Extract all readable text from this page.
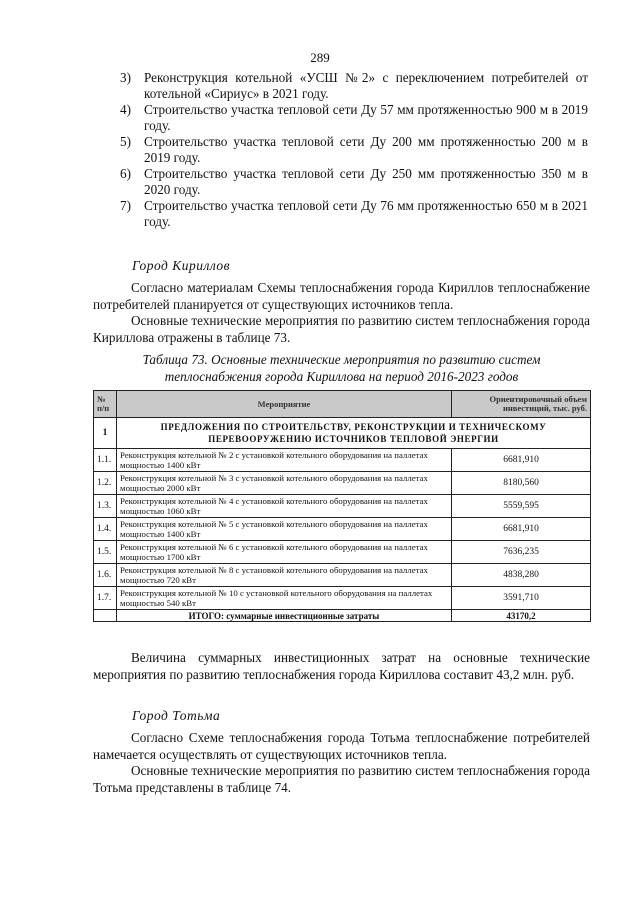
289
3) Реконструкция котельной «УСШ №2» с переключением потребителей от котельной «Сириус» в 2021 году.
4) Строительство участка тепловой сети Ду 57 мм протяженностью 900 м в 2019 году.
5) Строительство участка тепловой сети Ду 200 мм протяженностью 200 м в 2019 году.
6) Строительство участка тепловой сети Ду 250 мм протяженностью 350 м в 2020 году.
7) Строительство участка тепловой сети Ду 76 мм протяженностью 650 м в 2021 году.
Город Кириллов
Согласно материалам Схемы теплоснабжения города Кириллов теплоснабжение потребителей планируется от существующих источников тепла.
Основные технические мероприятия по развитию систем теплоснабжения города Кириллова отражены в таблице 73.
Таблица 73. Основные технические мероприятия по развитию систем теплоснабжения города Кириллова на период 2016-2023 годов
№ п/п	Мероприятие	Ориентировочный объем инвестиций, тыс. руб.
1	ПРЕДЛОЖЕНИЯ ПО СТРОИТЕЛЬСТВУ, РЕКОНСТРУКЦИИ И ТЕХНИЧЕСКОМУ ПЕРЕВООРУЖЕНИЮ ИСТОЧНИКОВ ТЕПЛОВОЙ ЭНЕРГИИ	
1.1.	Реконструкция котельной № 2 с установкой котельного оборудования на паллетах мощностью 1400 кВт	6681,910
1.2.	Реконструкция котельной № 3 с установкой котельного оборудования на паллетах мощностью 2000 кВт	8180,560
1.3.	Реконструкция котельной № 4 с установкой котельного оборудования на паллетах мощностью 1060 кВт	5559,595
1.4.	Реконструкция котельной № 5 с установкой котельного оборудования на паллетах мощностью 1400 кВт	6681,910
1.5.	Реконструкция котельной № 6 с установкой котельного оборудования на паллетах мощностью 1700 кВт	7636,235
1.6.	Реконструкция котельной № 8 с установкой котельного оборудования на паллетах мощностью 720 кВт	4838,280
1.7.	Реконструкция котельной № 10 с установкой котельного оборудования на паллетах мощностью 540 кВт	3591,710
	ИТОГО: суммарные инвестиционные затраты	43170,2
Величина суммарных инвестиционных затрат на основные технические мероприятия по развитию теплоснабжения города Кириллова составит 43,2 млн. руб.
Город Тотьма
Согласно Схеме теплоснабжения города Тотьма теплоснабжение потребителей намечается осуществлять от существующих источников тепла.
Основные технические мероприятия по развитию систем теплоснабжения города Тотьма представлены в таблице 74.
